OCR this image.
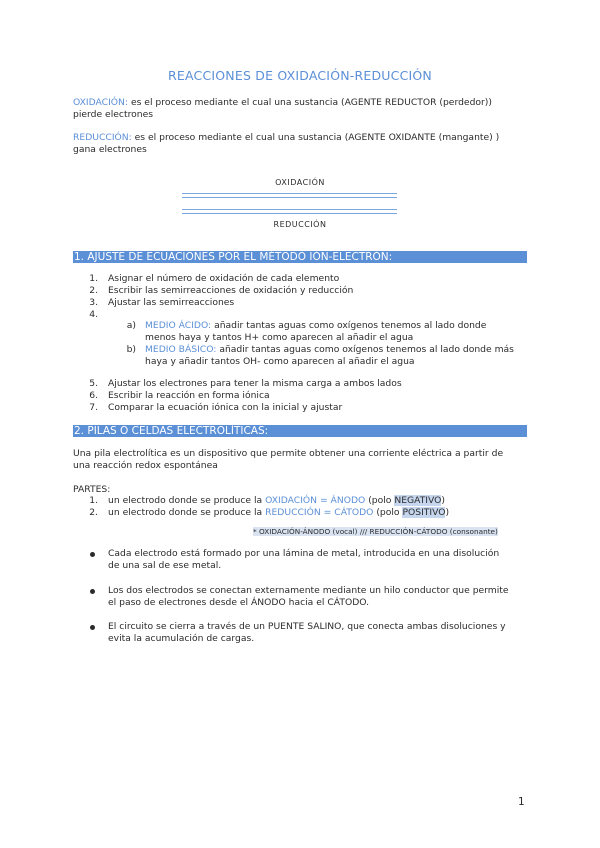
REACCIONES DE OXIDACIÓN-REDUCCIÓN
OXIDACIÓN: es el proceso mediante el cual una sustancia (AGENTE REDUCTOR (perdedor))
pierde electrones
REDUCCIÓN: es el proceso mediante el cual una sustancia (AGENTE OXIDANTE (mangante) )
gana electrones
OXIDACIÓN
REDUCCIÓN
1. AJUSTE DE ECUACIONES POR EL MÉTODO IÓN-ELECTRÓN:
1. Asignar el número de oxidación de cada elemento
2. Escribir las semirreacciones de oxidación y reducción
3. Ajustar las semirreacciones
4.
a) MEDIO ÁCIDO: añadir tantas aguas como oxígenos tenemos al lado donde
menos haya y tantos H+ como aparecen al añadir el agua
b) MEDIO BÁSICO: añadir tantas aguas como oxígenos tenemos al lado donde más
haya y añadir tantos OH- como aparecen al añadir el agua
5. Ajustar los electrones para tener la misma carga a ambos lados
6. Escribir la reacción en forma iónica
7. Comparar la ecuación iónica con la inicial y ajustar
2. PILAS O CELDAS ELECTROLÍTICAS:
Una pila electrolítica es un dispositivo que permite obtener una corriente eléctrica a partir de
una reacción redox espontánea
PARTES:
1. un electrodo donde se produce la OXIDACIÓN = ÁNODO (polo NEGATIVO)
2. un electrodo donde se produce la REDUCCIÓN = CÁTODO (polo POSITIVO)
* OXIDACIÓN-ÁNODO (vocal) /// REDUCCIÓN-CÁTODO (consonante)
Cada electrodo está formado por una lámina de metal, introducida en una disolución
de una sal de ese metal.
Los dos electrodos se conectan externamente mediante un hilo conductor que permite
el paso de electrones desde el ÁNODO hacia el CÁTODO.
El circuito se cierra a través de un PUENTE SALINO, que conecta ambas disoluciones y
evita la acumulación de cargas.
1
